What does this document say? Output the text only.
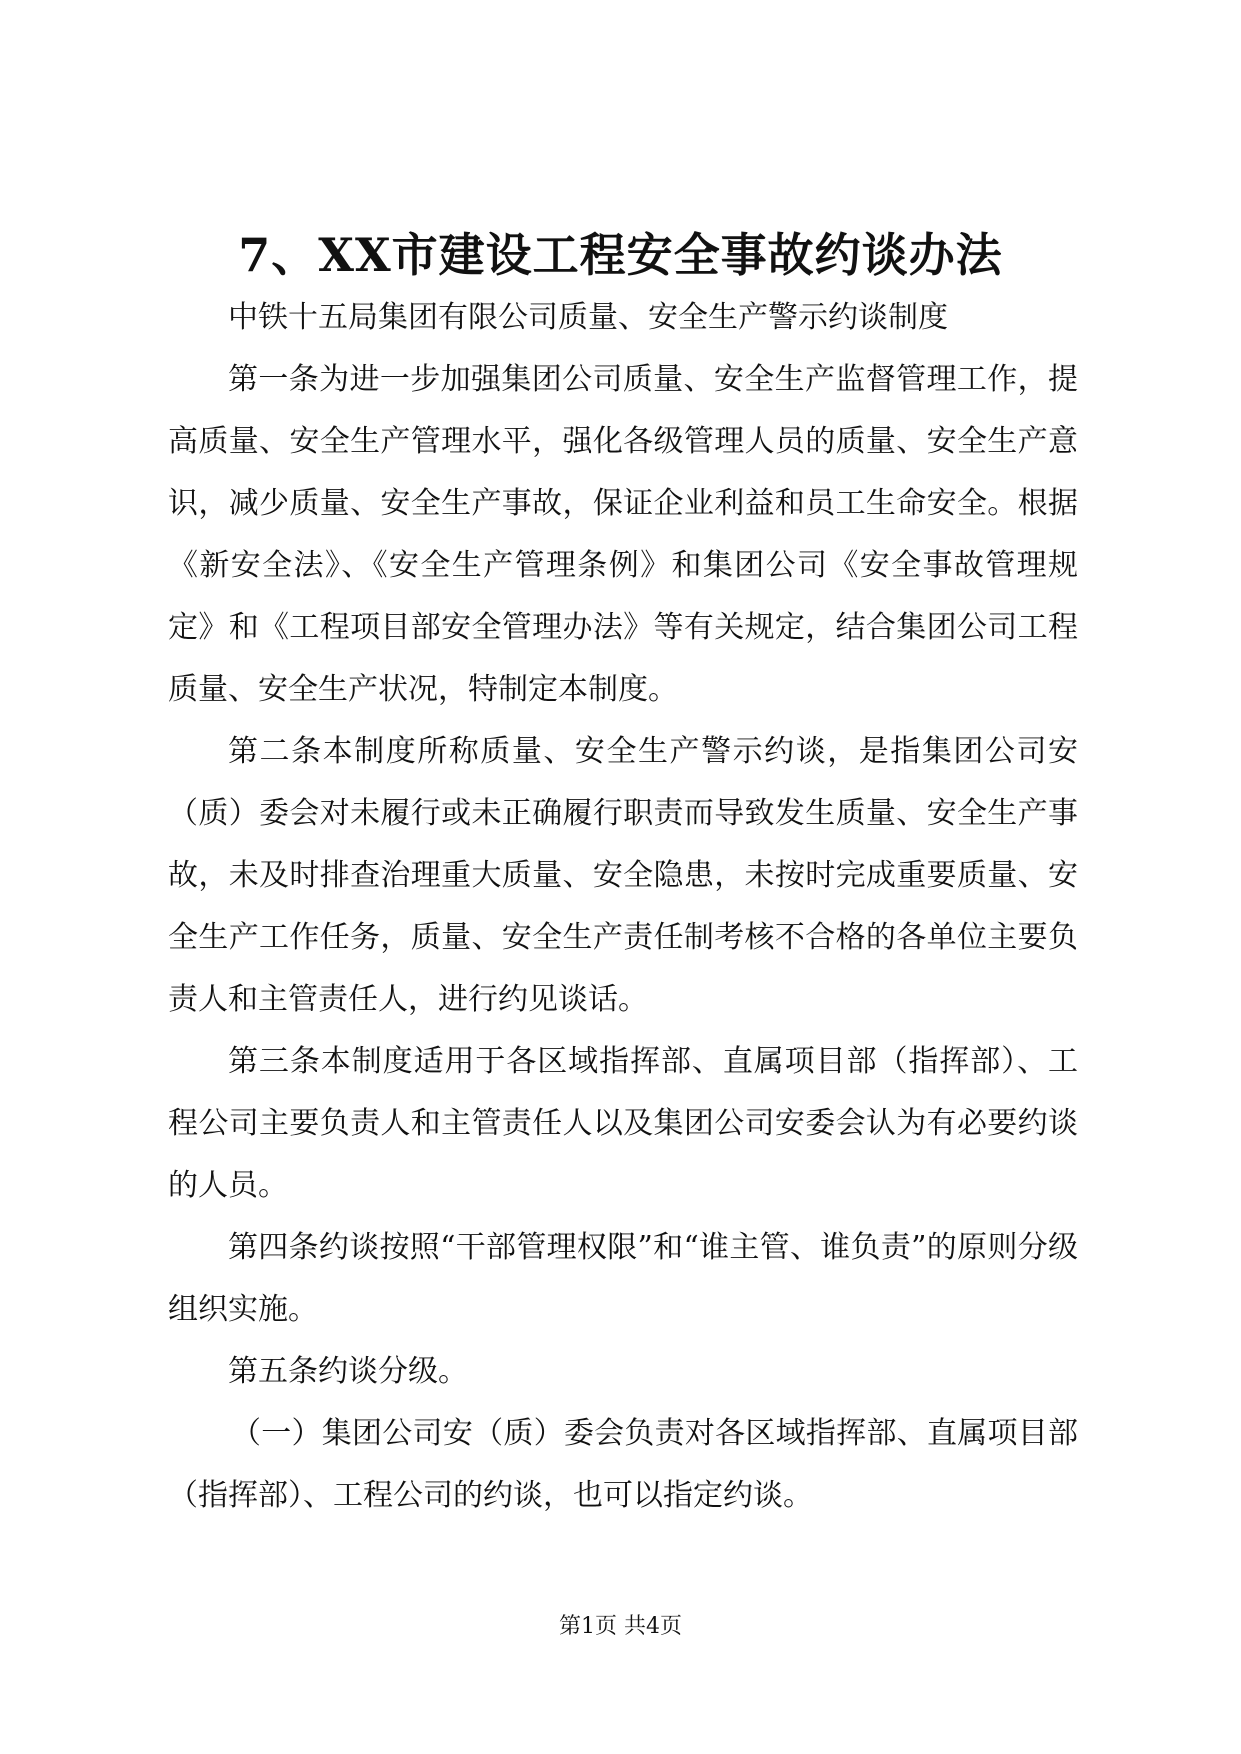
7、XX市建设工程安全事故约谈办法

中铁十五局集团有限公司质量、安全生产警示约谈制度

第一条为进一步加强集团公司质量、安全生产监督管理工作，提高质量、安全生产管理水平，强化各级管理人员的质量、安全生产意识，减少质量、安全生产事故，保证企业利益和员工生命安全。根据《新安全法》、《安全生产管理条例》和集团公司《安全事故管理规定》和《工程项目部安全管理办法》等有关规定，结合集团公司工程质量、安全生产状况，特制定本制度。

第二条本制度所称质量、安全生产警示约谈，是指集团公司安（质）委会对未履行或未正确履行职责而导致发生质量、安全生产事故，未及时排查治理重大质量、安全隐患，未按时完成重要质量、安全生产工作任务，质量、安全生产责任制考核不合格的各单位主要负责人和主管责任人，进行约见谈话。

第三条本制度适用于各区域指挥部、直属项目部（指挥部）、工程公司主要负责人和主管责任人以及集团公司安委会认为有必要约谈的人员。

第四条约谈按照“干部管理权限”和“谁主管、谁负责”的原则分级组织实施。

第五条约谈分级。

（一）集团公司安（质）委会负责对各区域指挥部、直属项目部（指挥部）、工程公司的约谈，也可以指定约谈。

第1页 共4页
